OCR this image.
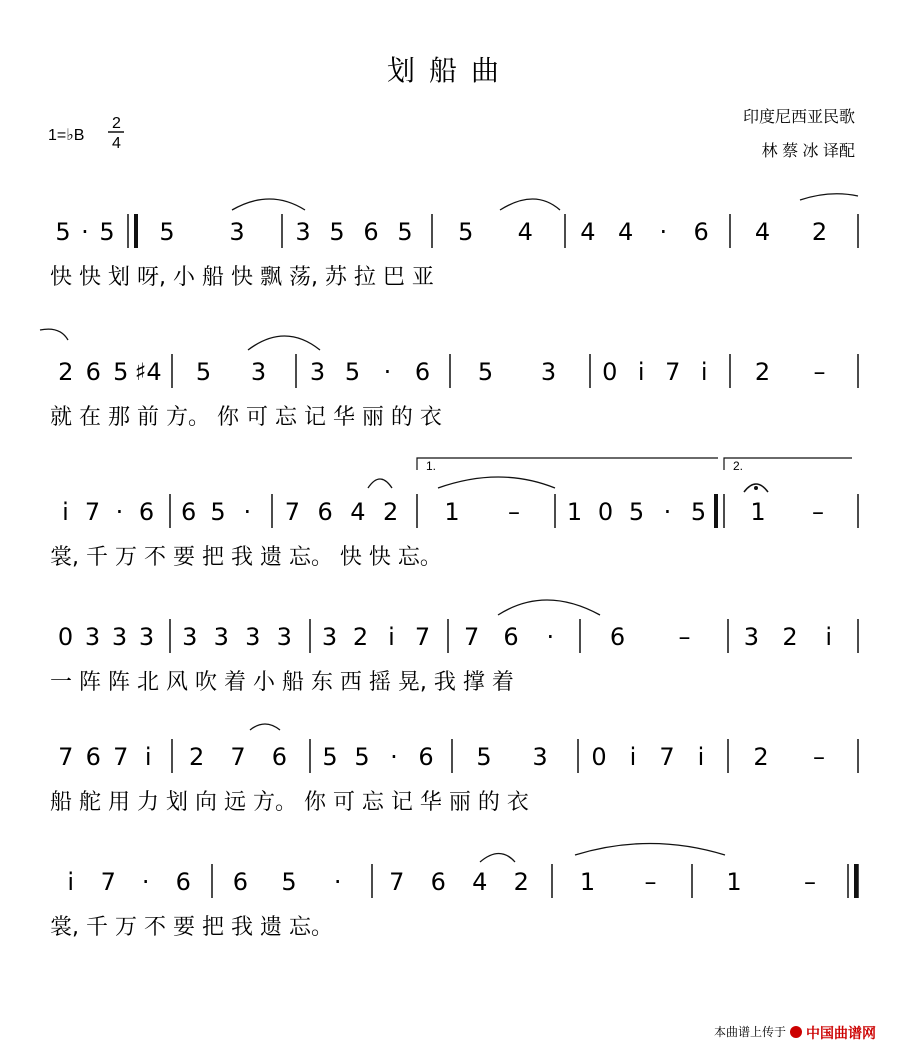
划船曲
1=♭B
2
4
印度尼西亚民歌
林 蔡 冰 译配
5 · 5 5 3 3 5 6 5 5 4 4 4 · 6 4 2
快 快 划 呀, 小 船 快 飘 荡, 苏 拉 巴 亚
2 6 5 ♯4 5 3 3 5 · 6 5 3 0 i 7 i 2 –
就 在 那 前 方。 你 可 忘 记 华 丽 的 衣
i 7 · 6 6 5 · 7 6 4 2 1 – 1 0 5 · 5 1 –
裳, 千 万 不 要 把 我 遗 忘。 快 快 忘。
0 3 3 3 3 3 3 3 3 2 i 7 7 6 · 6 – 3 2 i
一 阵 阵 北 风 吹 着 小 船 东 西 摇 晃, 我 撑 着
7 6 7 i 2 7 6 5 5 · 6 5 3 0 i 7 i 2 –
船 舵 用 力 划 向 远 方。 你 可 忘 记 华 丽 的 衣
i 7 · 6 6 5 · 7 6 4 2 1 –	1	–
裳, 千 万 不 要 把 我 遗 忘。
1.	2.
本曲谱上传于 中国曲谱网
